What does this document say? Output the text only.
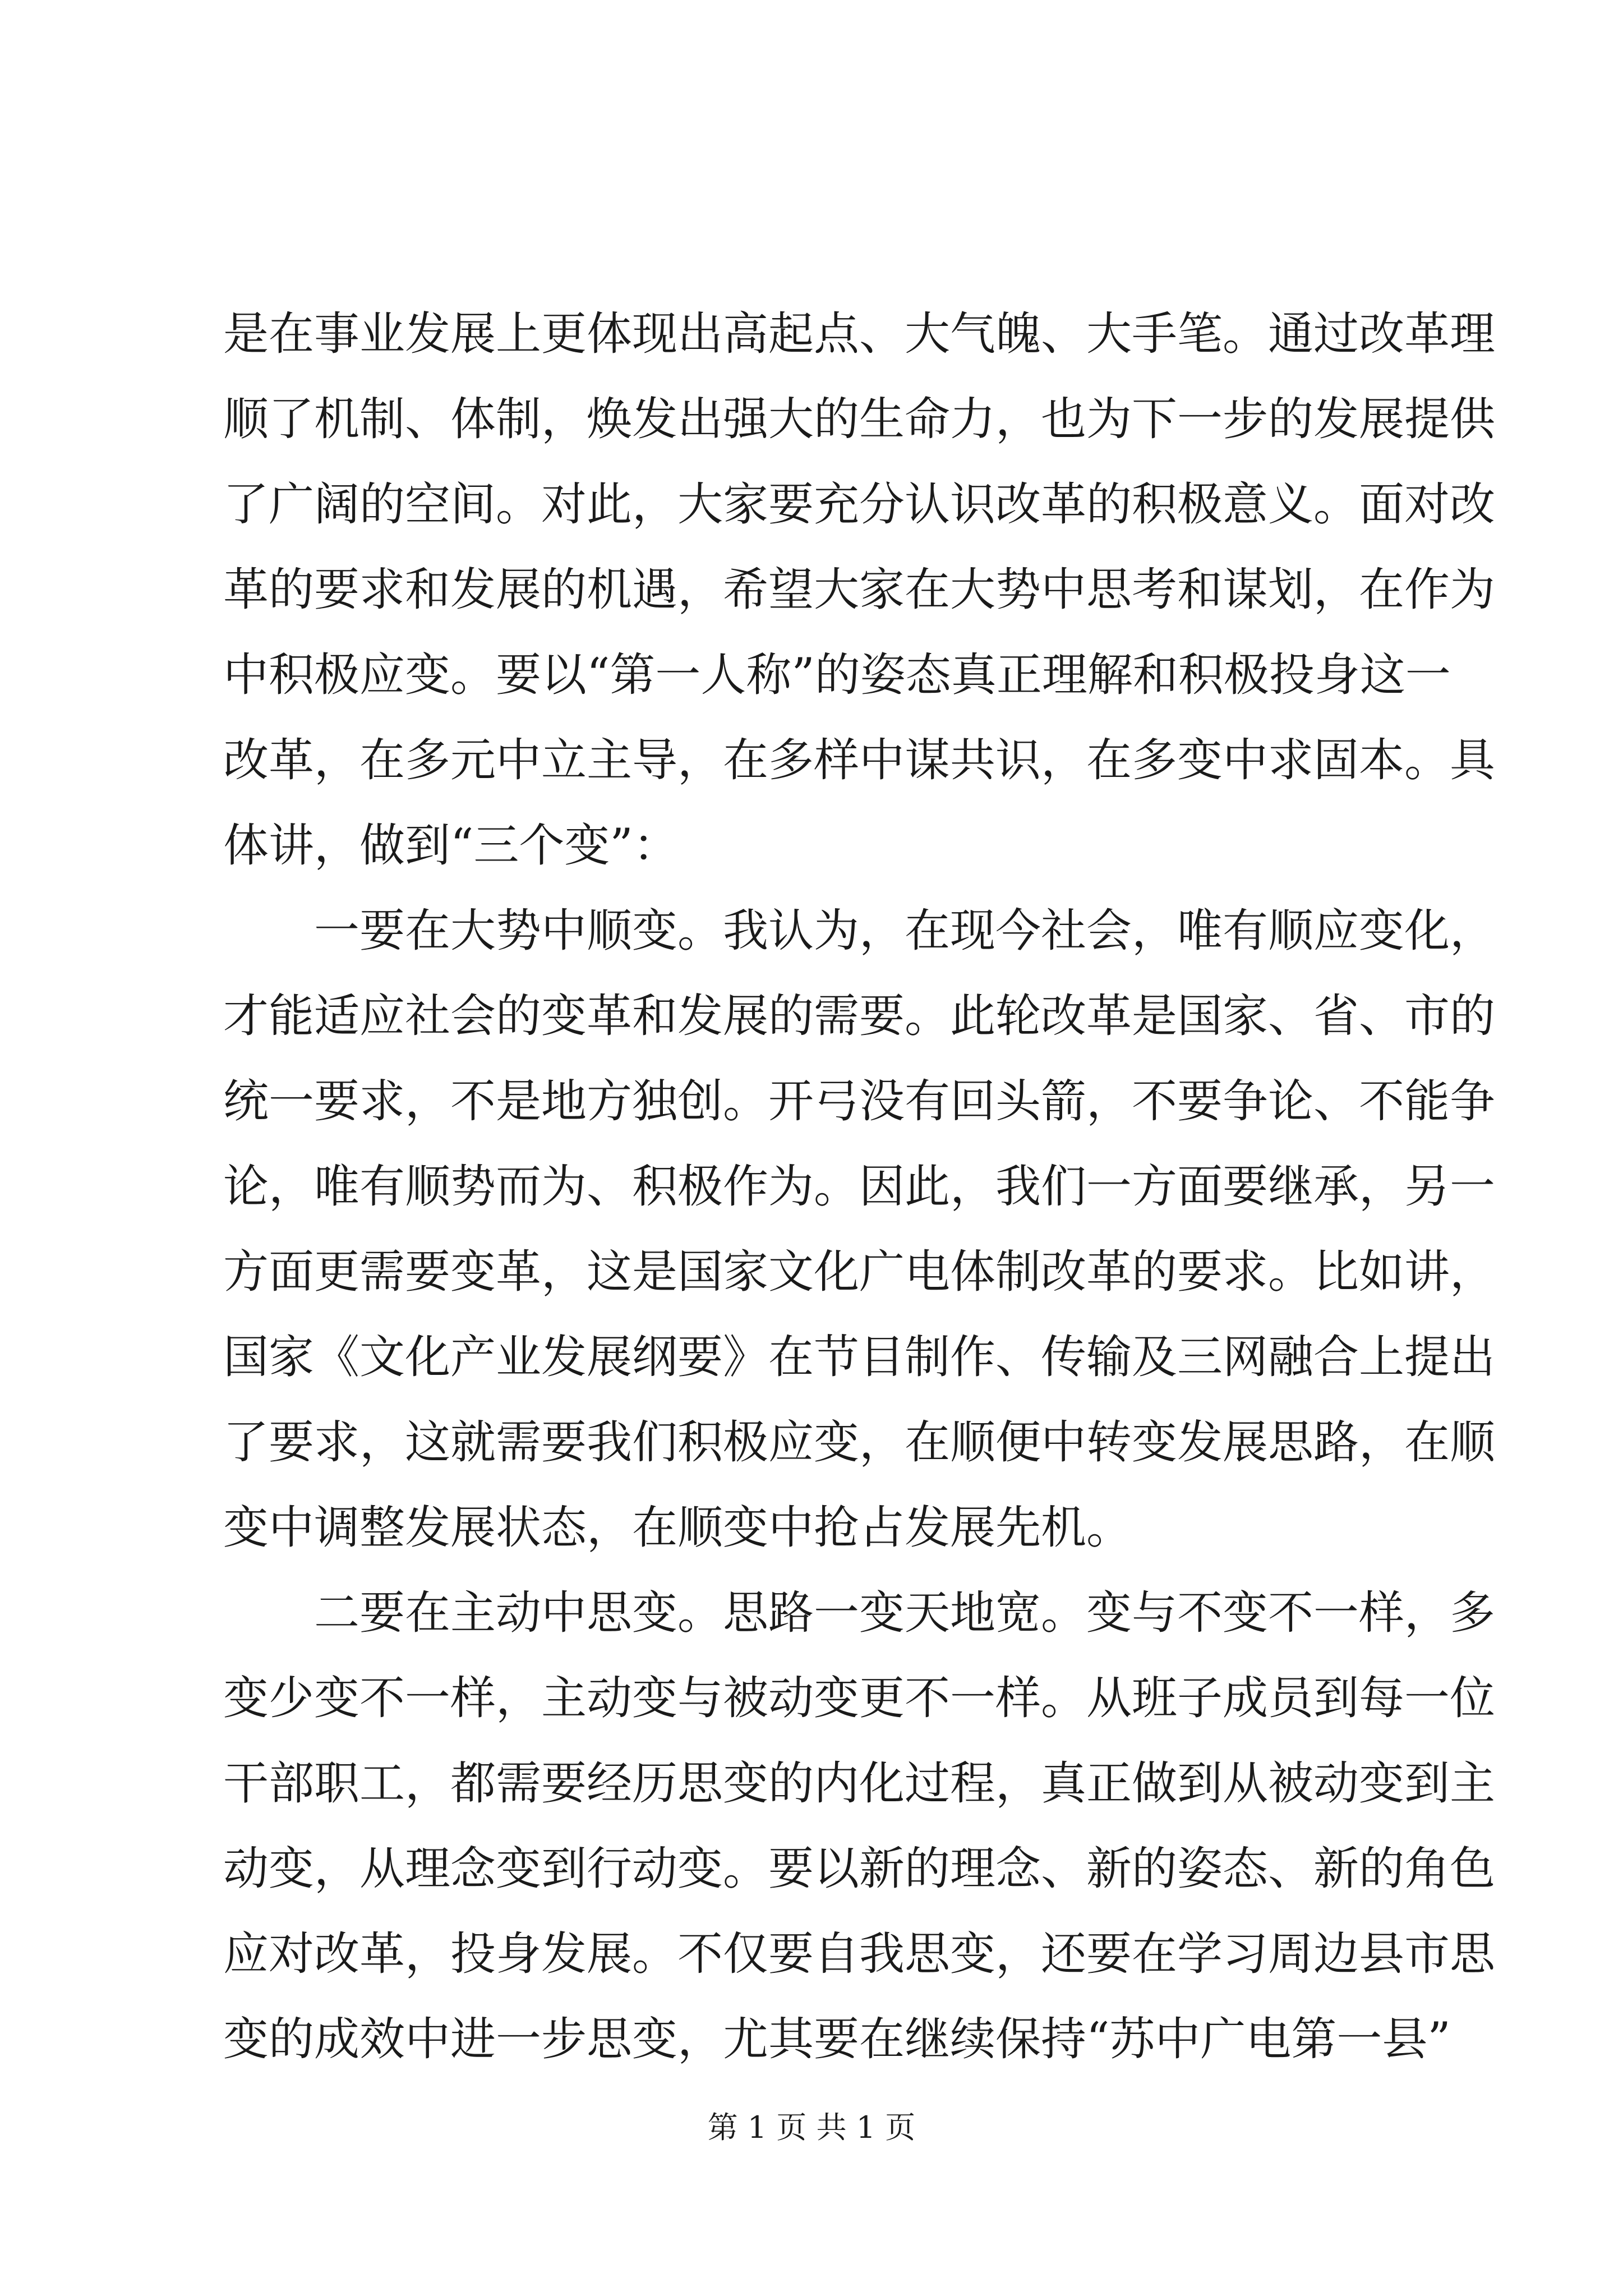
是在事业发展上更体现出高起点、大气魄、大手笔。通过改革理
顺了机制、体制，焕发出强大的生命力，也为下一步的发展提供
了广阔的空间。对此，大家要充分认识改革的积极意义。面对改
革的要求和发展的机遇，希望大家在大势中思考和谋划，在作为
中积极应变。要以“第一人称”的姿态真正理解和积极投身这一
改革，在多元中立主导，在多样中谋共识，在多变中求固本。具
体讲，做到“三个变”：
一要在大势中顺变。我认为，在现今社会，唯有顺应变化，
才能适应社会的变革和发展的需要。此轮改革是国家、省、市的
统一要求，不是地方独创。开弓没有回头箭，不要争论、不能争
论，唯有顺势而为、积极作为。因此，我们一方面要继承，另一
方面更需要变革，这是国家文化广电体制改革的要求。比如讲，
国家《文化产业发展纲要》在节目制作、传输及三网融合上提出
了要求，这就需要我们积极应变，在顺便中转变发展思路，在顺
变中调整发展状态，在顺变中抢占发展先机。
二要在主动中思变。思路一变天地宽。变与不变不一样，多
变少变不一样，主动变与被动变更不一样。从班子成员到每一位
干部职工，都需要经历思变的内化过程，真正做到从被动变到主
动变，从理念变到行动变。要以新的理念、新的姿态、新的角色
应对改革，投身发展。不仅要自我思变，还要在学习周边县市思
变的成效中进一步思变，尤其要在继续保持“苏中广电第一县”
第 1 页 共 1 页
